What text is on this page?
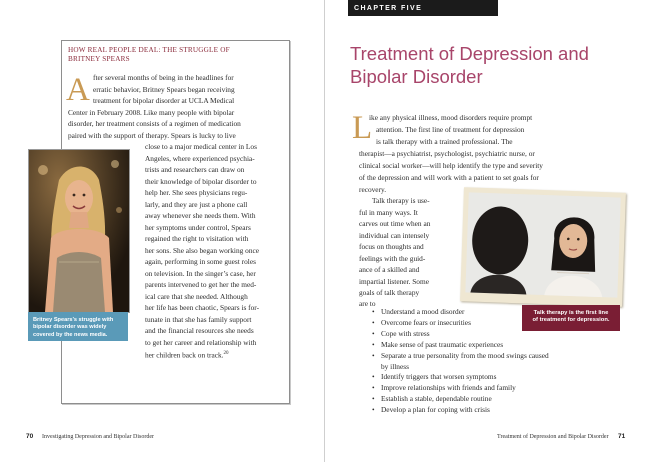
HOW REAL PEOPLE DEAL: THE STRUGGLE OF
BRITNEY SPEARS
A fter several months of being in the headlines for
erratic behavior, Britney Spears began receiving
treatment for bipolar disorder at UCLA Medical
Center in February 2008. Like many people with bipolar
disorder, her treatment consists of a regimen of medication
paired with the support of therapy. Spears is lucky to live
close to a major medical center in Los
Angeles, where experienced psychia-
trists and researchers can draw on
their knowledge of bipolar disorder to
help her. She sees physicians regu-
larly, and they are just a phone call
away whenever she needs them. With
her symptoms under control, Spears
regained the right to visitation with
her sons. She also began working once
again, performing in some guest roles
on television. In the singer’s case, her
parents intervened to get her the med-
ical care that she needed. Although
her life has been chaotic, Spears is for-
tunate in that she has family support
and the financial resources she needs
to get her career and relationship with
her children back on track.$^{20}$
Britney Spears’s struggle with
bipolar disorder was widely
covered by the news media.
70 Investigating Depression and Bipolar Disorder
CHAPTER FIVE
Treatment of Depression and
Bipolar Disorder
L
ike any physical illness, mood disorders require prompt
attention. The first line of treatment for depression
is talk therapy with a trained professional. The
therapist—a psychiatrist, psychologist, psychiatric nurse, or
clinical social worker—will help identify the type and severity
of the depression and will work with a patient to set goals for
recovery.
Talk therapy is use-
ful in many ways. It
carves out time when an
individual can intensely
focus on thoughts and
feelings with the guid-
ance of a skilled and
impartial listener. Some
goals of talk therapy
are to
Talk therapy is the first line
of treatment for depression.
• Understand a mood disorder
• Overcome fears or insecurities
• Cope with stress
• Make sense of past traumatic experiences
• Separate a true personality from the mood swings caused
by illness
• Identify triggers that worsen symptoms
• Improve relationships with friends and family
• Establish a stable, dependable routine
• Develop a plan for coping with crisis
Treatment of Depression and Bipolar Disorder 71
